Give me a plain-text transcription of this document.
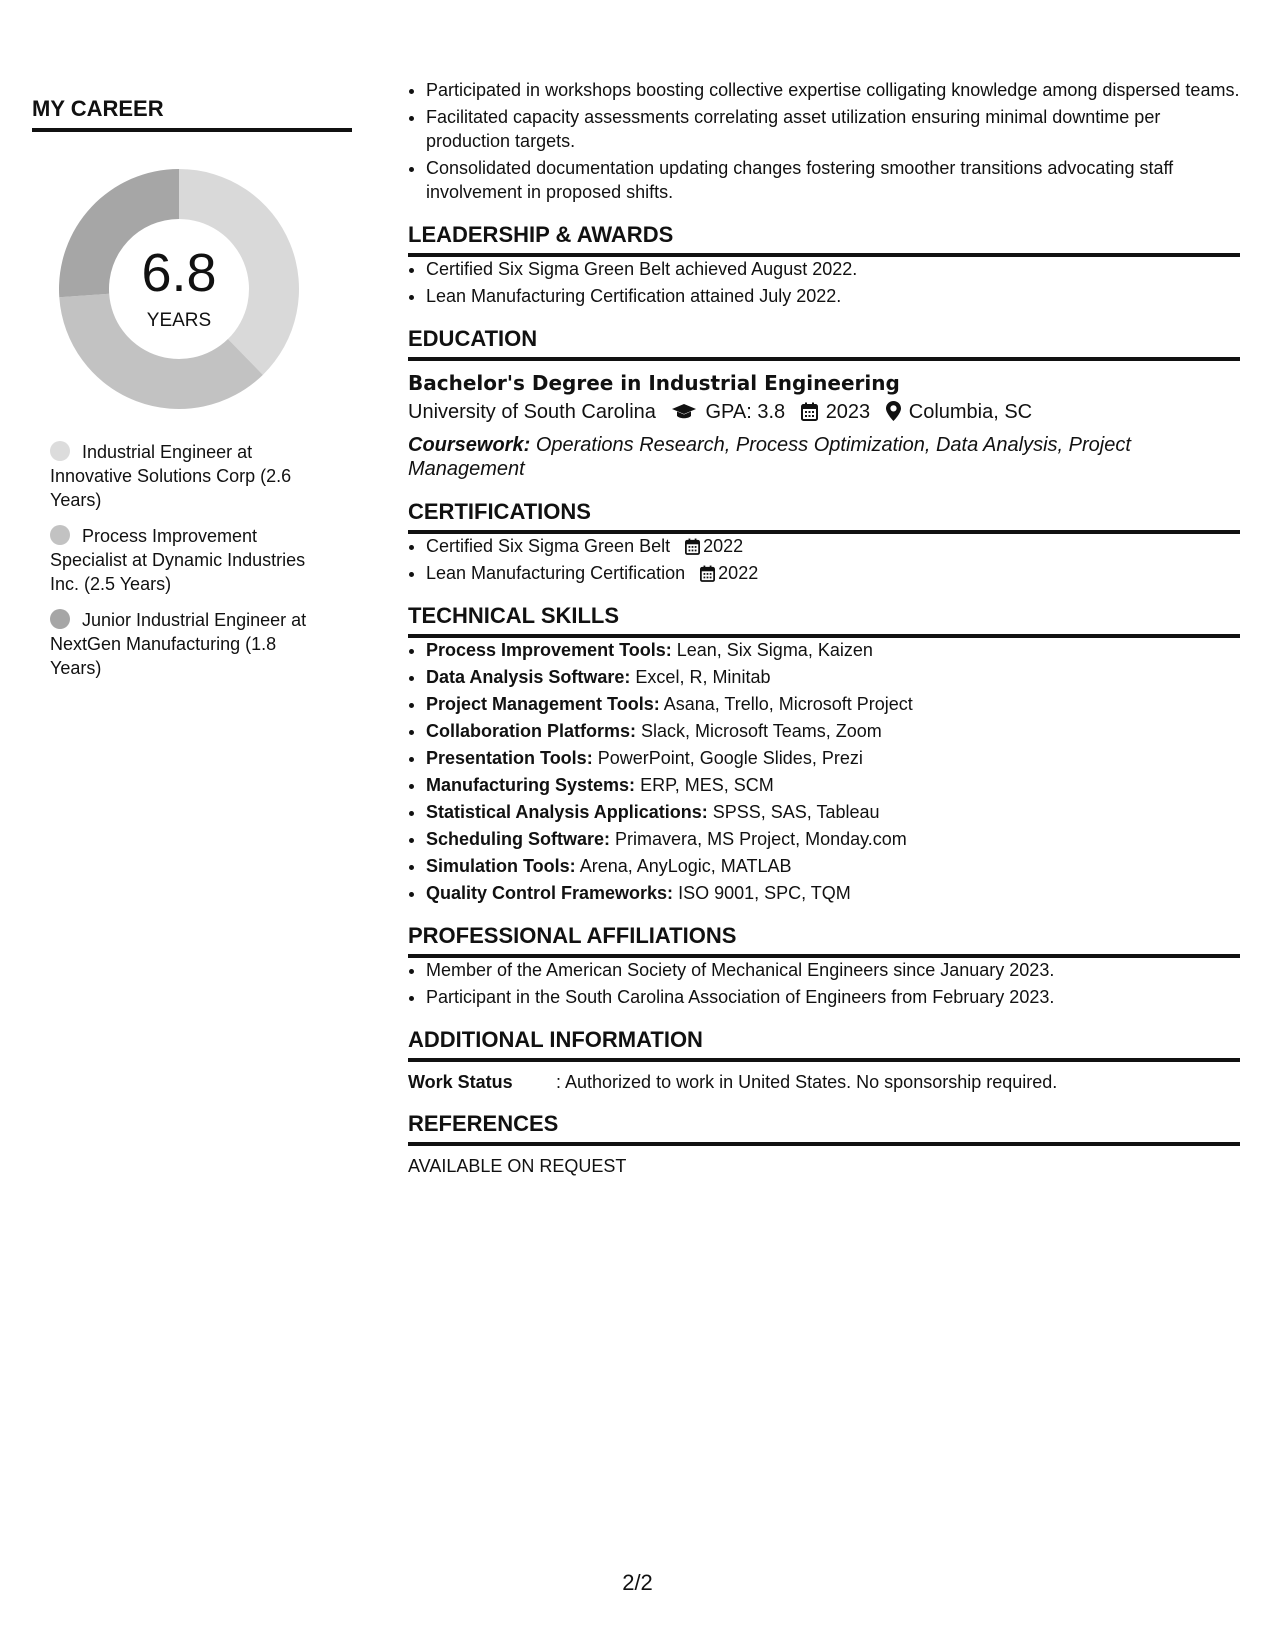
MY CAREER
6.8
YEARS
Industrial Engineer at Innovative Solutions Corp (2.6 Years)
Process Improvement Specialist at Dynamic Industries Inc. (2.5 Years)
Junior Industrial Engineer at NextGen Manufacturing (1.8 Years)
• Participated in workshops boosting collective expertise colligating knowledge among dispersed teams.
• Facilitated capacity assessments correlating asset utilization ensuring minimal downtime per production targets.
• Consolidated documentation updating changes fostering smoother transitions advocating staff involvement in proposed shifts.
LEADERSHIP & AWARDS
• Certified Six Sigma Green Belt achieved August 2022.
• Lean Manufacturing Certification attained July 2022.
EDUCATION
Bachelor's Degree in Industrial Engineering
University of South Carolina GPA: 3.8 2023 Columbia, SC
Coursework: Operations Research, Process Optimization, Data Analysis, Project Management
CERTIFICATIONS
• Certified Six Sigma Green Belt 2022
• Lean Manufacturing Certification 2022
TECHNICAL SKILLS
• Process Improvement Tools: Lean, Six Sigma, Kaizen
• Data Analysis Software: Excel, R, Minitab
• Project Management Tools: Asana, Trello, Microsoft Project
• Collaboration Platforms: Slack, Microsoft Teams, Zoom
• Presentation Tools: PowerPoint, Google Slides, Prezi
• Manufacturing Systems: ERP, MES, SCM
• Statistical Analysis Applications: SPSS, SAS, Tableau
• Scheduling Software: Primavera, MS Project, Monday.com
• Simulation Tools: Arena, AnyLogic, MATLAB
• Quality Control Frameworks: ISO 9001, SPC, TQM
PROFESSIONAL AFFILIATIONS
• Member of the American Society of Mechanical Engineers since January 2023.
• Participant in the South Carolina Association of Engineers from February 2023.
ADDITIONAL INFORMATION
Work Status : Authorized to work in United States. No sponsorship required.
REFERENCES
AVAILABLE ON REQUEST
2/2
